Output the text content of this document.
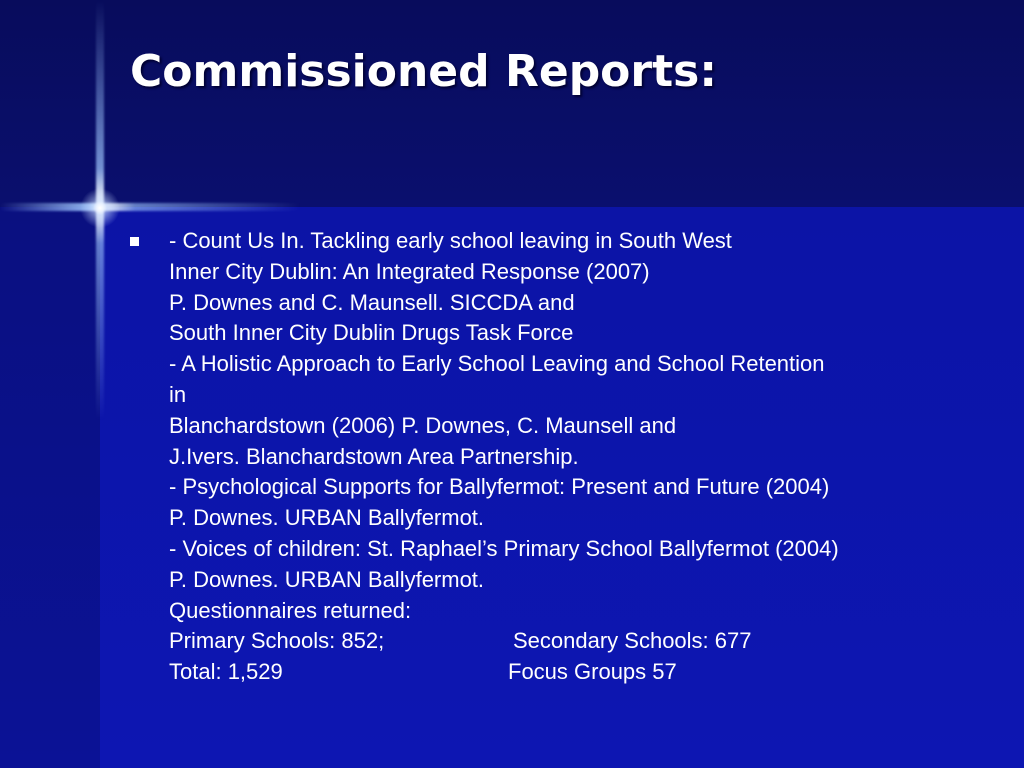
Commissioned Reports:
- Count Us In. Tackling early school leaving in South West
Inner City Dublin: An Integrated Response (2007)
P. Downes and C. Maunsell. SICCDA and
South Inner City Dublin Drugs Task Force
- A Holistic Approach to Early School Leaving and School Retention
in
Blanchardstown (2006) P. Downes, C. Maunsell and
J.Ivers. Blanchardstown Area Partnership.
- Psychological Supports for Ballyfermot: Present and Future (2004)
P. Downes. URBAN Ballyfermot.
- Voices of children: St. Raphael’s Primary School Ballyfermot (2004)
P. Downes. URBAN Ballyfermot.
Questionnaires returned:
Primary Schools: 852;	Secondary Schools: 677
Total: 1,529	Focus Groups 57
